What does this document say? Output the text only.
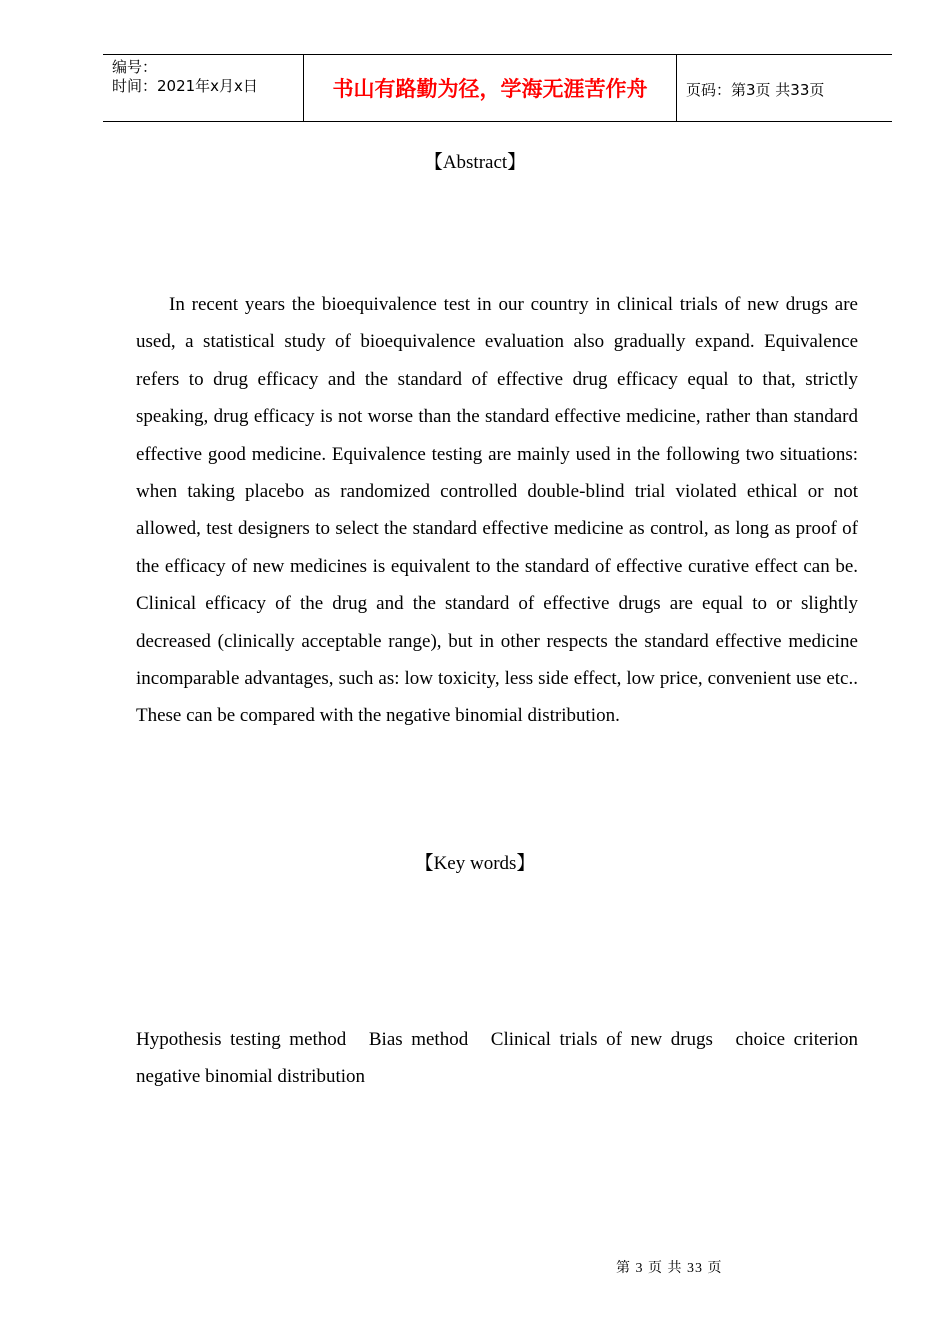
编号：
时间：2021年x月x日	书山有路勤为径，学海无涯苦作舟	页码：第3页 共33页
【Abstract】

In recent years the bioequivalence test in our country in clinical trials of new drugs are used, a statistical study of bioequivalence evaluation also gradually expand. Equivalence refers to drug efficacy and the standard of effective drug efficacy equal to that, strictly speaking, drug efficacy is not worse than the standard effective medicine, rather than standard effective good medicine. Equivalence testing are mainly used in the following two situations: when taking placebo as randomized controlled double-blind trial violated ethical or not allowed, test designers to select the standard effective medicine as control, as long as proof of the efficacy of new medicines is equivalent to the standard of effective curative effect can be. Clinical efficacy of the drug and the standard of effective drugs are equal to or slightly decreased (clinically acceptable range), but in other respects the standard effective medicine incomparable advantages, such as: low toxicity, less side effect, low price, convenient use etc.. These can be compared with the negative binomial distribution.

【Key words】

Hypothesis testing method Bias method Clinical trials of new drugs choice criterion negative binomial distribution

第 3 页 共 33 页
